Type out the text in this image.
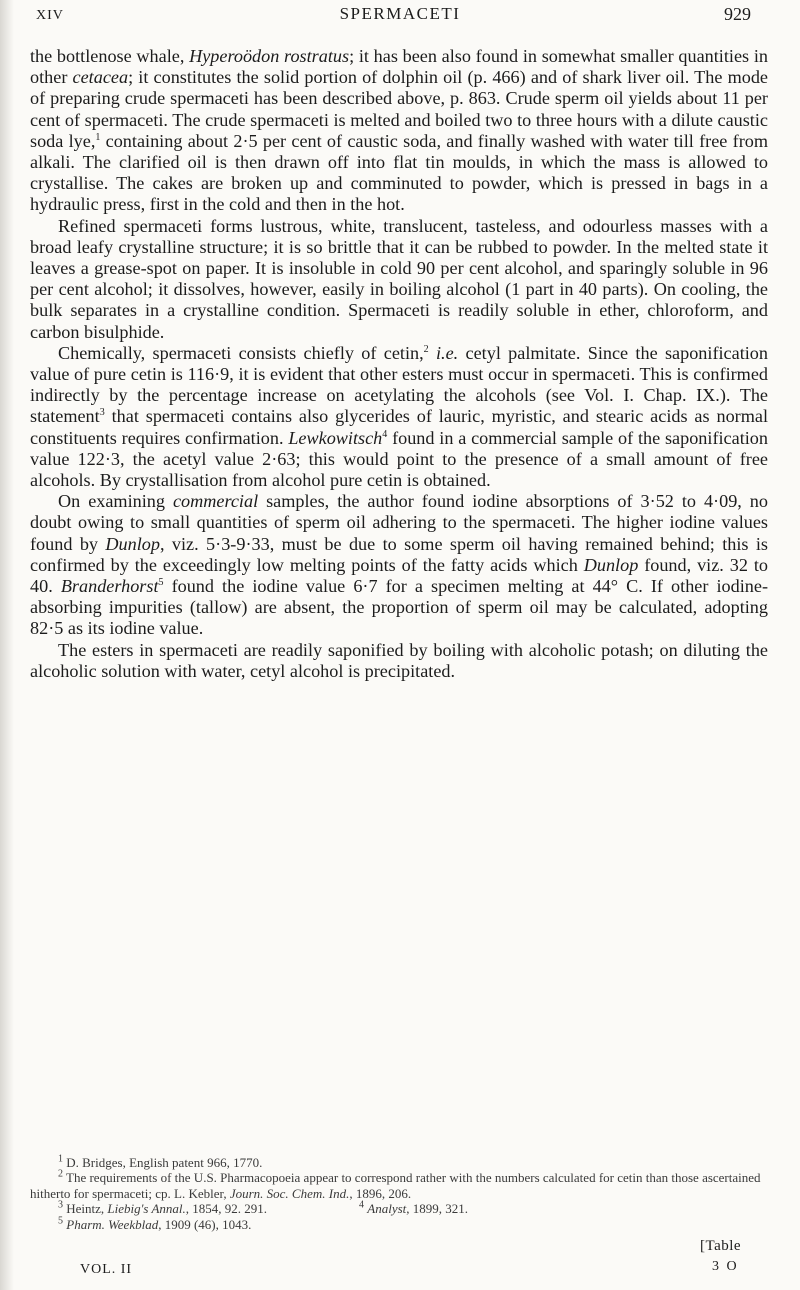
XIV	SPERMACETI	929

the bottlenose whale, Hyperoödon rostratus; it has been also found in somewhat smaller quantities in other cetacea; it constitutes the solid portion of dolphin oil (p. 466) and of shark liver oil. The mode of preparing crude spermaceti has been described above, p. 863. Crude sperm oil yields about 11 per cent of spermaceti. The crude spermaceti is melted and boiled two to three hours with a dilute caustic soda lye,$^1$ containing about 2·5 per cent of caustic soda, and finally washed with water till free from alkali. The clarified oil is then drawn off into flat tin moulds, in which the mass is allowed to crystallise. The cakes are broken up and comminuted to powder, which is pressed in bags in a hydraulic press, first in the cold and then in the hot.

Refined spermaceti forms lustrous, white, translucent, tasteless, and odourless masses with a broad leafy crystalline structure; it is so brittle that it can be rubbed to powder. In the melted state it leaves a grease-spot on paper. It is insoluble in cold 90 per cent alcohol, and sparingly soluble in 96 per cent alcohol; it dissolves, however, easily in boiling alcohol (1 part in 40 parts). On cooling, the bulk separates in a crystalline condition. Spermaceti is readily soluble in ether, chloroform, and carbon bisulphide.

Chemically, spermaceti consists chiefly of cetin,$^2$ i.e. cetyl palmitate. Since the saponification value of pure cetin is 116·9, it is evident that other esters must occur in spermaceti. This is confirmed indirectly by the percentage increase on acetylating the alcohols (see Vol. I. Chap. IX.). The statement$^3$ that spermaceti contains also glycerides of lauric, myristic, and stearic acids as normal constituents requires confirmation. Lewkowitsch$^4$ found in a commercial sample of the saponification value 122·3, the acetyl value 2·63; this would point to the presence of a small amount of free alcohols. By crystallisation from alcohol pure cetin is obtained.

On examining commercial samples, the author found iodine absorptions of 3·52 to 4·09, no doubt owing to small quantities of sperm oil adhering to the spermaceti. The higher iodine values found by Dunlop, viz. 5·3-9·33, must be due to some sperm oil having remained behind; this is confirmed by the exceedingly low melting points of the fatty acids which Dunlop found, viz. 32 to 40. Branderhorst$^5$ found the iodine value 6·7 for a specimen melting at 44° C. If other iodine-absorbing impurities (tallow) are absent, the proportion of sperm oil may be calculated, adopting 82·5 as its iodine value.

The esters in spermaceti are readily saponified by boiling with alcoholic potash; on diluting the alcoholic solution with water, cetyl alcohol is precipitated.

$^1$ D. Bridges, English patent 966, 1770.

$^2$ The requirements of the U.S. Pharmacopoeia appear to correspond rather with the numbers calculated for cetin than those ascertained hitherto for spermaceti; cp. L. Kebler, Journ. Soc. Chem. Ind., 1896, 206.

$^3$ Heintz, Liebig's Annal., 1854, 92. 291.	$^4$ Analyst, 1899, 321.

$^5$ Pharm. Weekblad, 1909 (46), 1043.

VOL. II
[Table
3 O
